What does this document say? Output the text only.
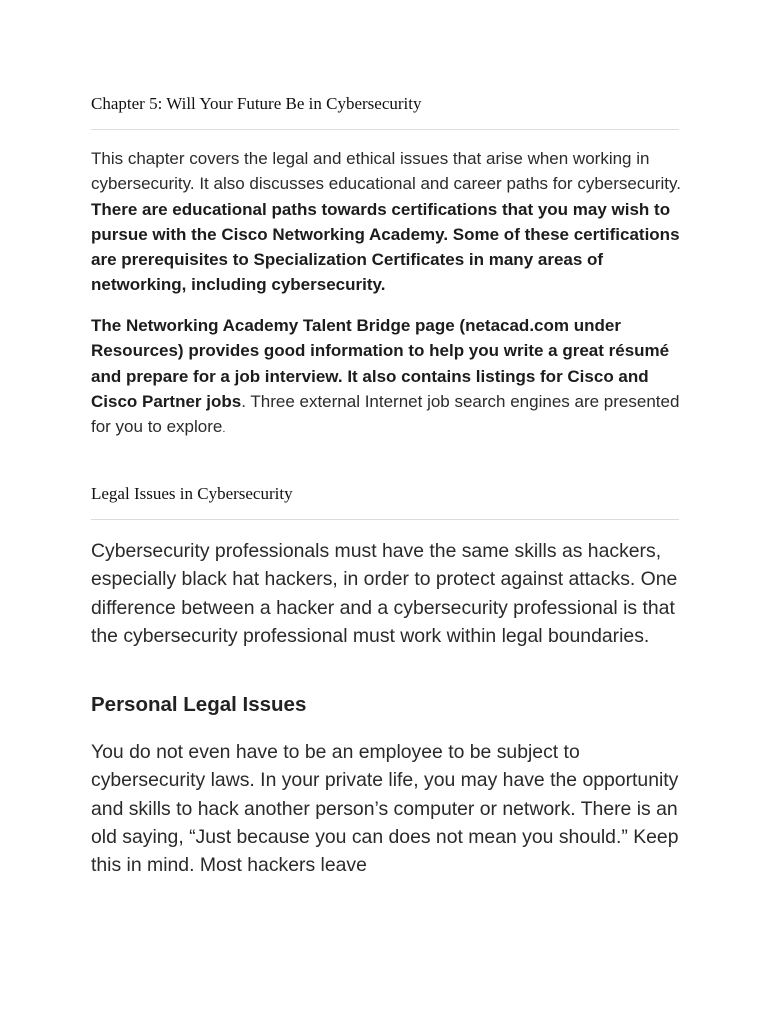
Chapter 5: Will Your Future Be in Cybersecurity

This chapter covers the legal and ethical issues that arise when working in cybersecurity. It also discusses educational and career paths for cybersecurity. There are educational paths towards certifications that you may wish to pursue with the Cisco Networking Academy. Some of these certifications are prerequisites to Specialization Certificates in many areas of networking, including cybersecurity.

The Networking Academy Talent Bridge page (netacad.com under Resources) provides good information to help you write a great résumé and prepare for a job interview. It also contains listings for Cisco and Cisco Partner jobs. Three external Internet job search engines are presented for you to explore.

Legal Issues in Cybersecurity

Cybersecurity professionals must have the same skills as hackers, especially black hat hackers, in order to protect against attacks. One difference between a hacker and a cybersecurity professional is that the cybersecurity professional must work within legal boundaries.

Personal Legal Issues

You do not even have to be an employee to be subject to cybersecurity laws. In your private life, you may have the opportunity and skills to hack another person’s computer or network. There is an old saying, “Just because you can does not mean you should.” Keep this in mind. Most hackers leave
